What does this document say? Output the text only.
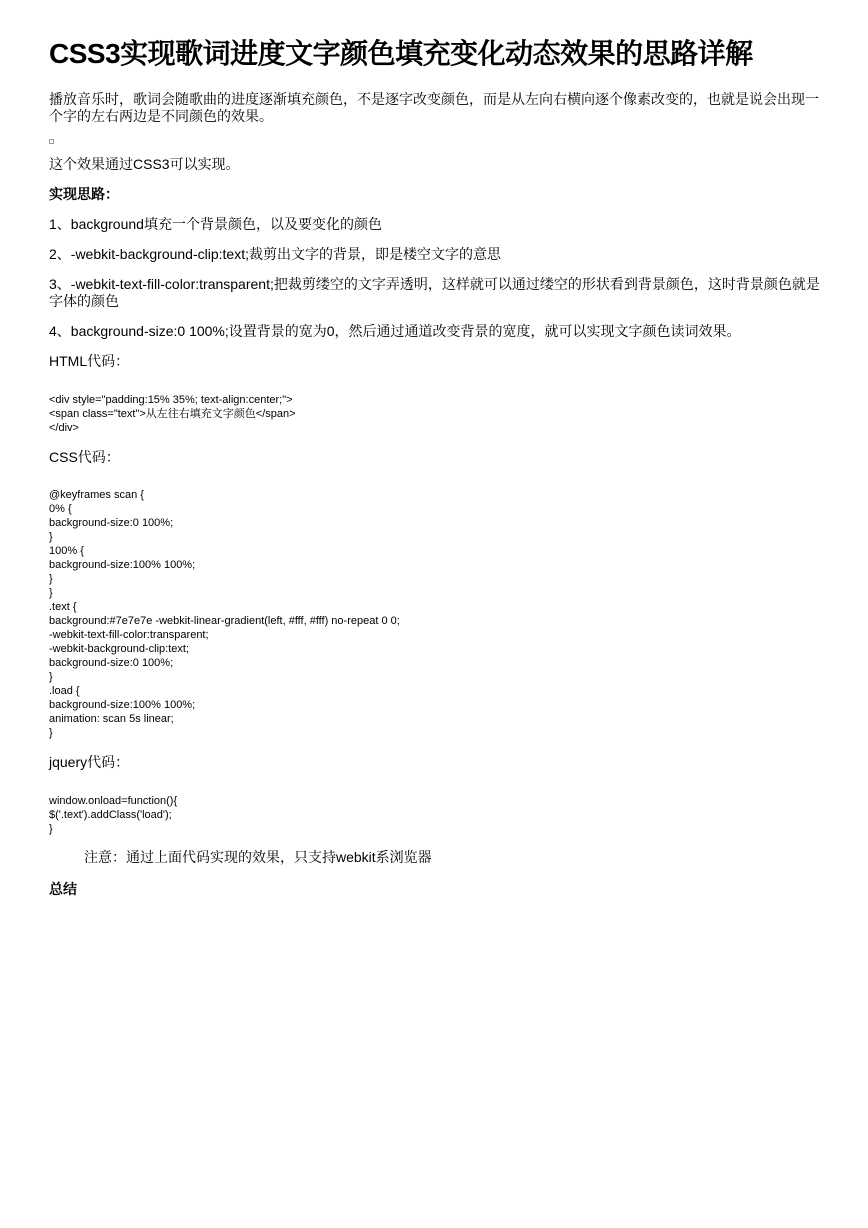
CSS3实现歌词进度文字颜色填充变化动态效果的思路详解

播放音乐时，歌词会随歌曲的进度逐渐填充颜色，不是逐字改变颜色，而是从左向右横向逐个像素改变的，也就是说会出现一个字的左右两边是不同颜色的效果。

这个效果通过CSS3可以实现。

实现思路：

1、background填充一个背景颜色，以及要变化的颜色

2、-webkit-background-clip:text;裁剪出文字的背景，即是楼空文字的意思

3、-webkit-text-fill-color:transparent;把裁剪缕空的文字弄透明，这样就可以通过缕空的形状看到背景颜色，这时背景颜色就是字体的颜色

4、background-size:0 100%;设置背景的宽为0，然后通过通道改变背景的宽度，就可以实现文字颜色读词效果。

HTML代码：

<div style="padding:15% 35%; text-align:center;">

<span class="text">从左往右填充文字颜色</span>

</div>

CSS代码：

@keyframes scan {

0% {

background-size:0 100%;

}

100% {

background-size:100% 100%;

}

}

.text {

background:#7e7e7e -webkit-linear-gradient(left, #fff, #fff) no-repeat 0 0;

-webkit-text-fill-color:transparent;

-webkit-background-clip:text;

background-size:0 100%;

}

.load {

background-size:100% 100%;

animation: scan 5s linear;

}

jquery代码：

window.onload=function(){

$('.text').addClass('load');

}

注意：通过上面代码实现的效果，只支持webkit系浏览器

总结
